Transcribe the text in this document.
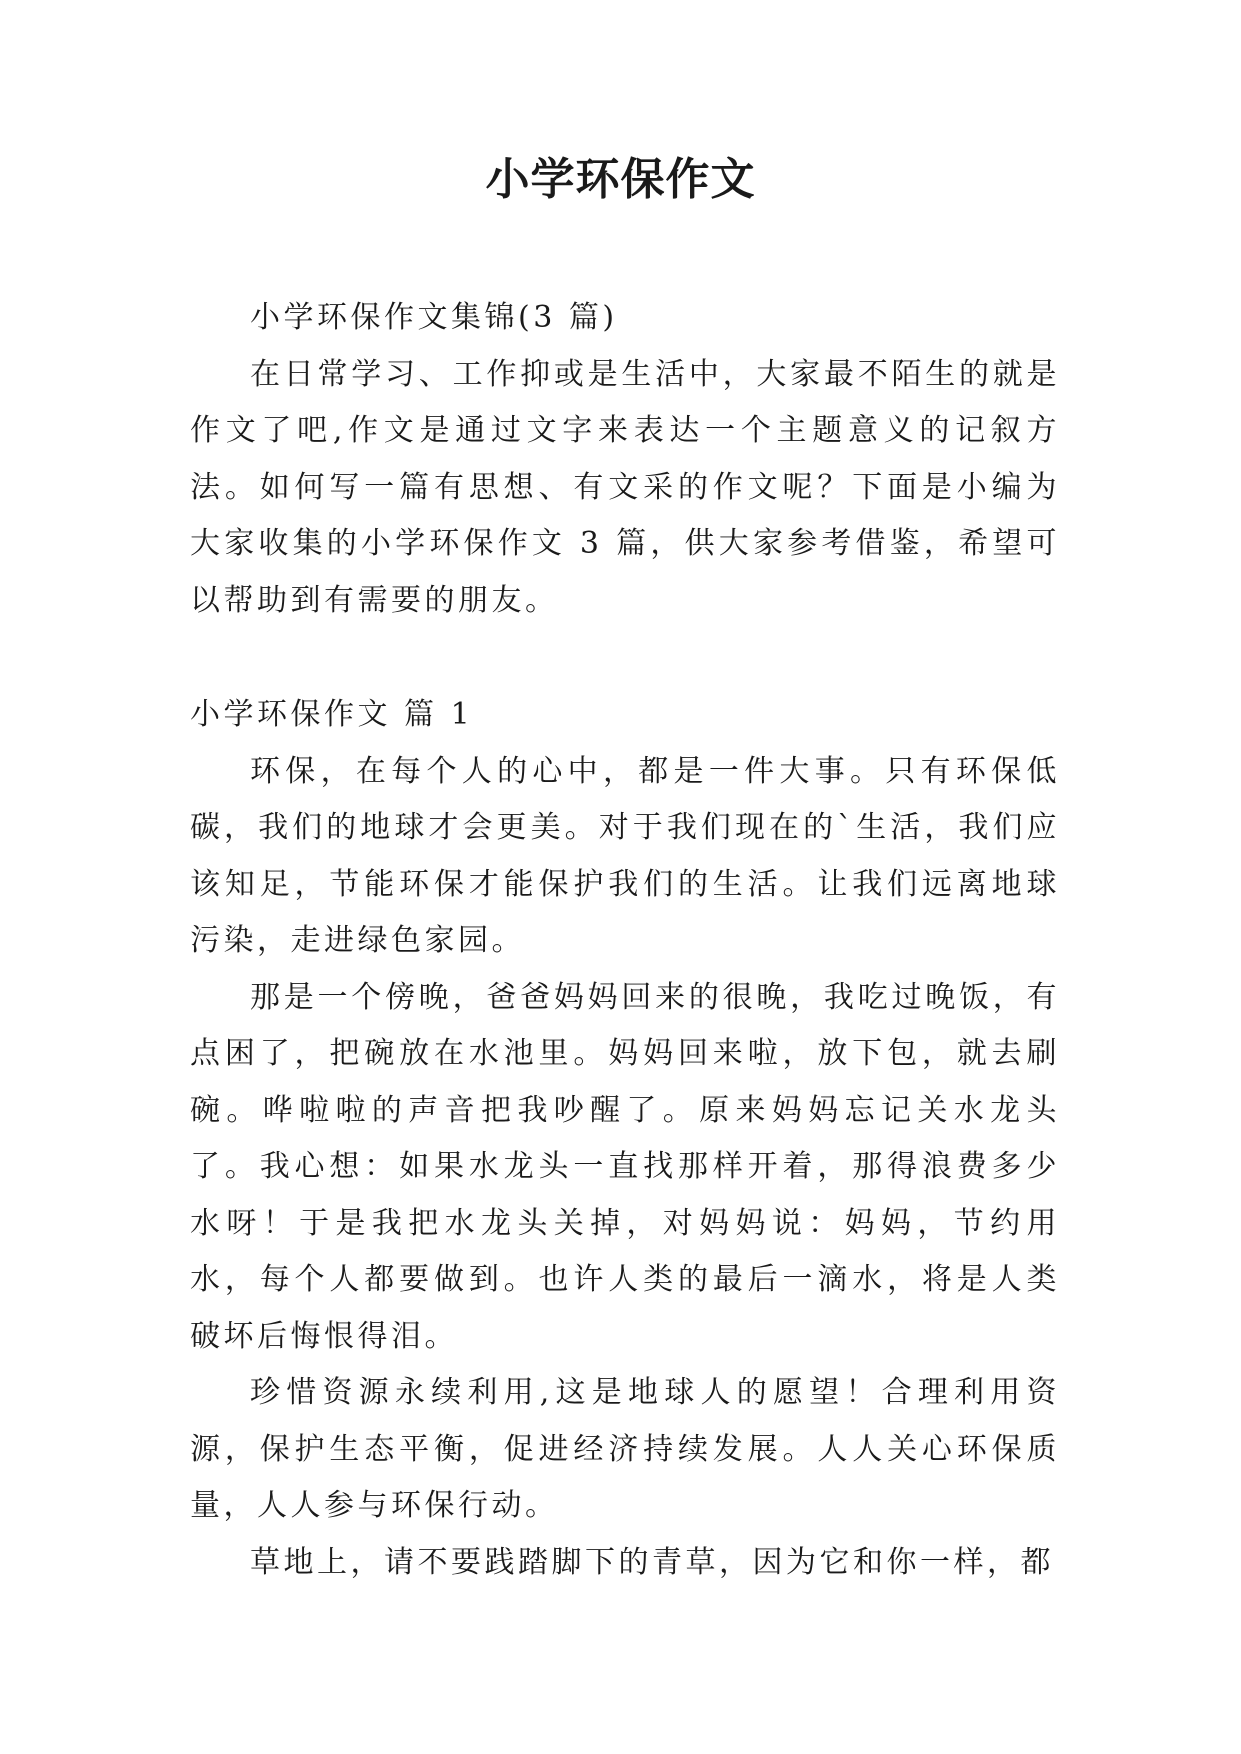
小学环保作文

小学环保作文集锦(3 篇)

在日常学习、工作抑或是生活中，大家最不陌生的就是作文了吧,作文是通过文字来表达一个主题意义的记叙方法。如何写一篇有思想、有文采的作文呢？下面是小编为大家收集的小学环保作文 3 篇，供大家参考借鉴，希望可以帮助到有需要的朋友。

小学环保作文 篇 1

环保，在每个人的心中，都是一件大事。只有环保低碳，我们的地球才会更美。对于我们现在的`生活，我们应该知足，节能环保才能保护我们的生活。让我们远离地球污染，走进绿色家园。

那是一个傍晚，爸爸妈妈回来的很晚，我吃过晚饭，有点困了，把碗放在水池里。妈妈回来啦，放下包，就去刷碗。哗啦啦的声音把我吵醒了。原来妈妈忘记关水龙头了。我心想：如果水龙头一直找那样开着，那得浪费多少水呀！于是我把水龙头关掉，对妈妈说：妈妈，节约用水，每个人都要做到。也许人类的最后一滴水，将是人类破坏后悔恨得泪。

珍惜资源永续利用,这是地球人的愿望！合理利用资源，保护生态平衡，促进经济持续发展。人人关心环保质量，人人参与环保行动。

草地上，请不要践踏脚下的青草，因为它和你一样，都
